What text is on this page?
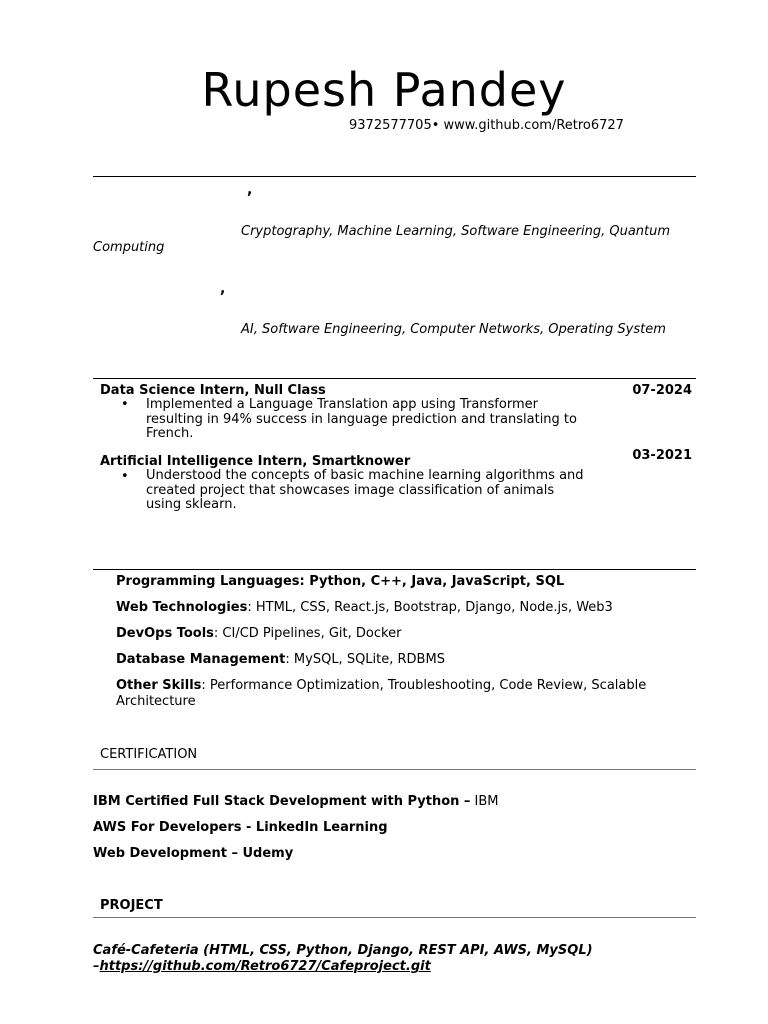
Rupesh Pandey
9372577705• www.github.com/Retro6727
,
Cryptography, Machine Learning, Software Engineering, Quantum
Computing
,
AI, Software Engineering, Computer Networks, Operating System
Data Science Intern, Null Class	07-2024
• Implemented a Language Translation app using Transformer resulting in 94% success in language prediction and translating to French.
Artificial Intelligence Intern, Smartknower	03-2021
• Understood the concepts of basic machine learning algorithms and created project that showcases image classification of animals using sklearn.
Programming Languages: Python, C++, Java, JavaScript, SQL
Web Technologies: HTML, CSS, React.js, Bootstrap, Django, Node.js, Web3
DevOps Tools: CI/CD Pipelines, Git, Docker
Database Management: MySQL, SQLite, RDBMS
Other Skills: Performance Optimization, Troubleshooting, Code Review, Scalable Architecture
CERTIFICATION
IBM Certified Full Stack Development with Python – IBM
AWS For Developers - LinkedIn Learning
Web Development – Udemy
PROJECT
Café-Cafeteria (HTML, CSS, Python, Django, REST API, AWS, MySQL)
–https://github.com/Retro6727/Cafeproject.git
